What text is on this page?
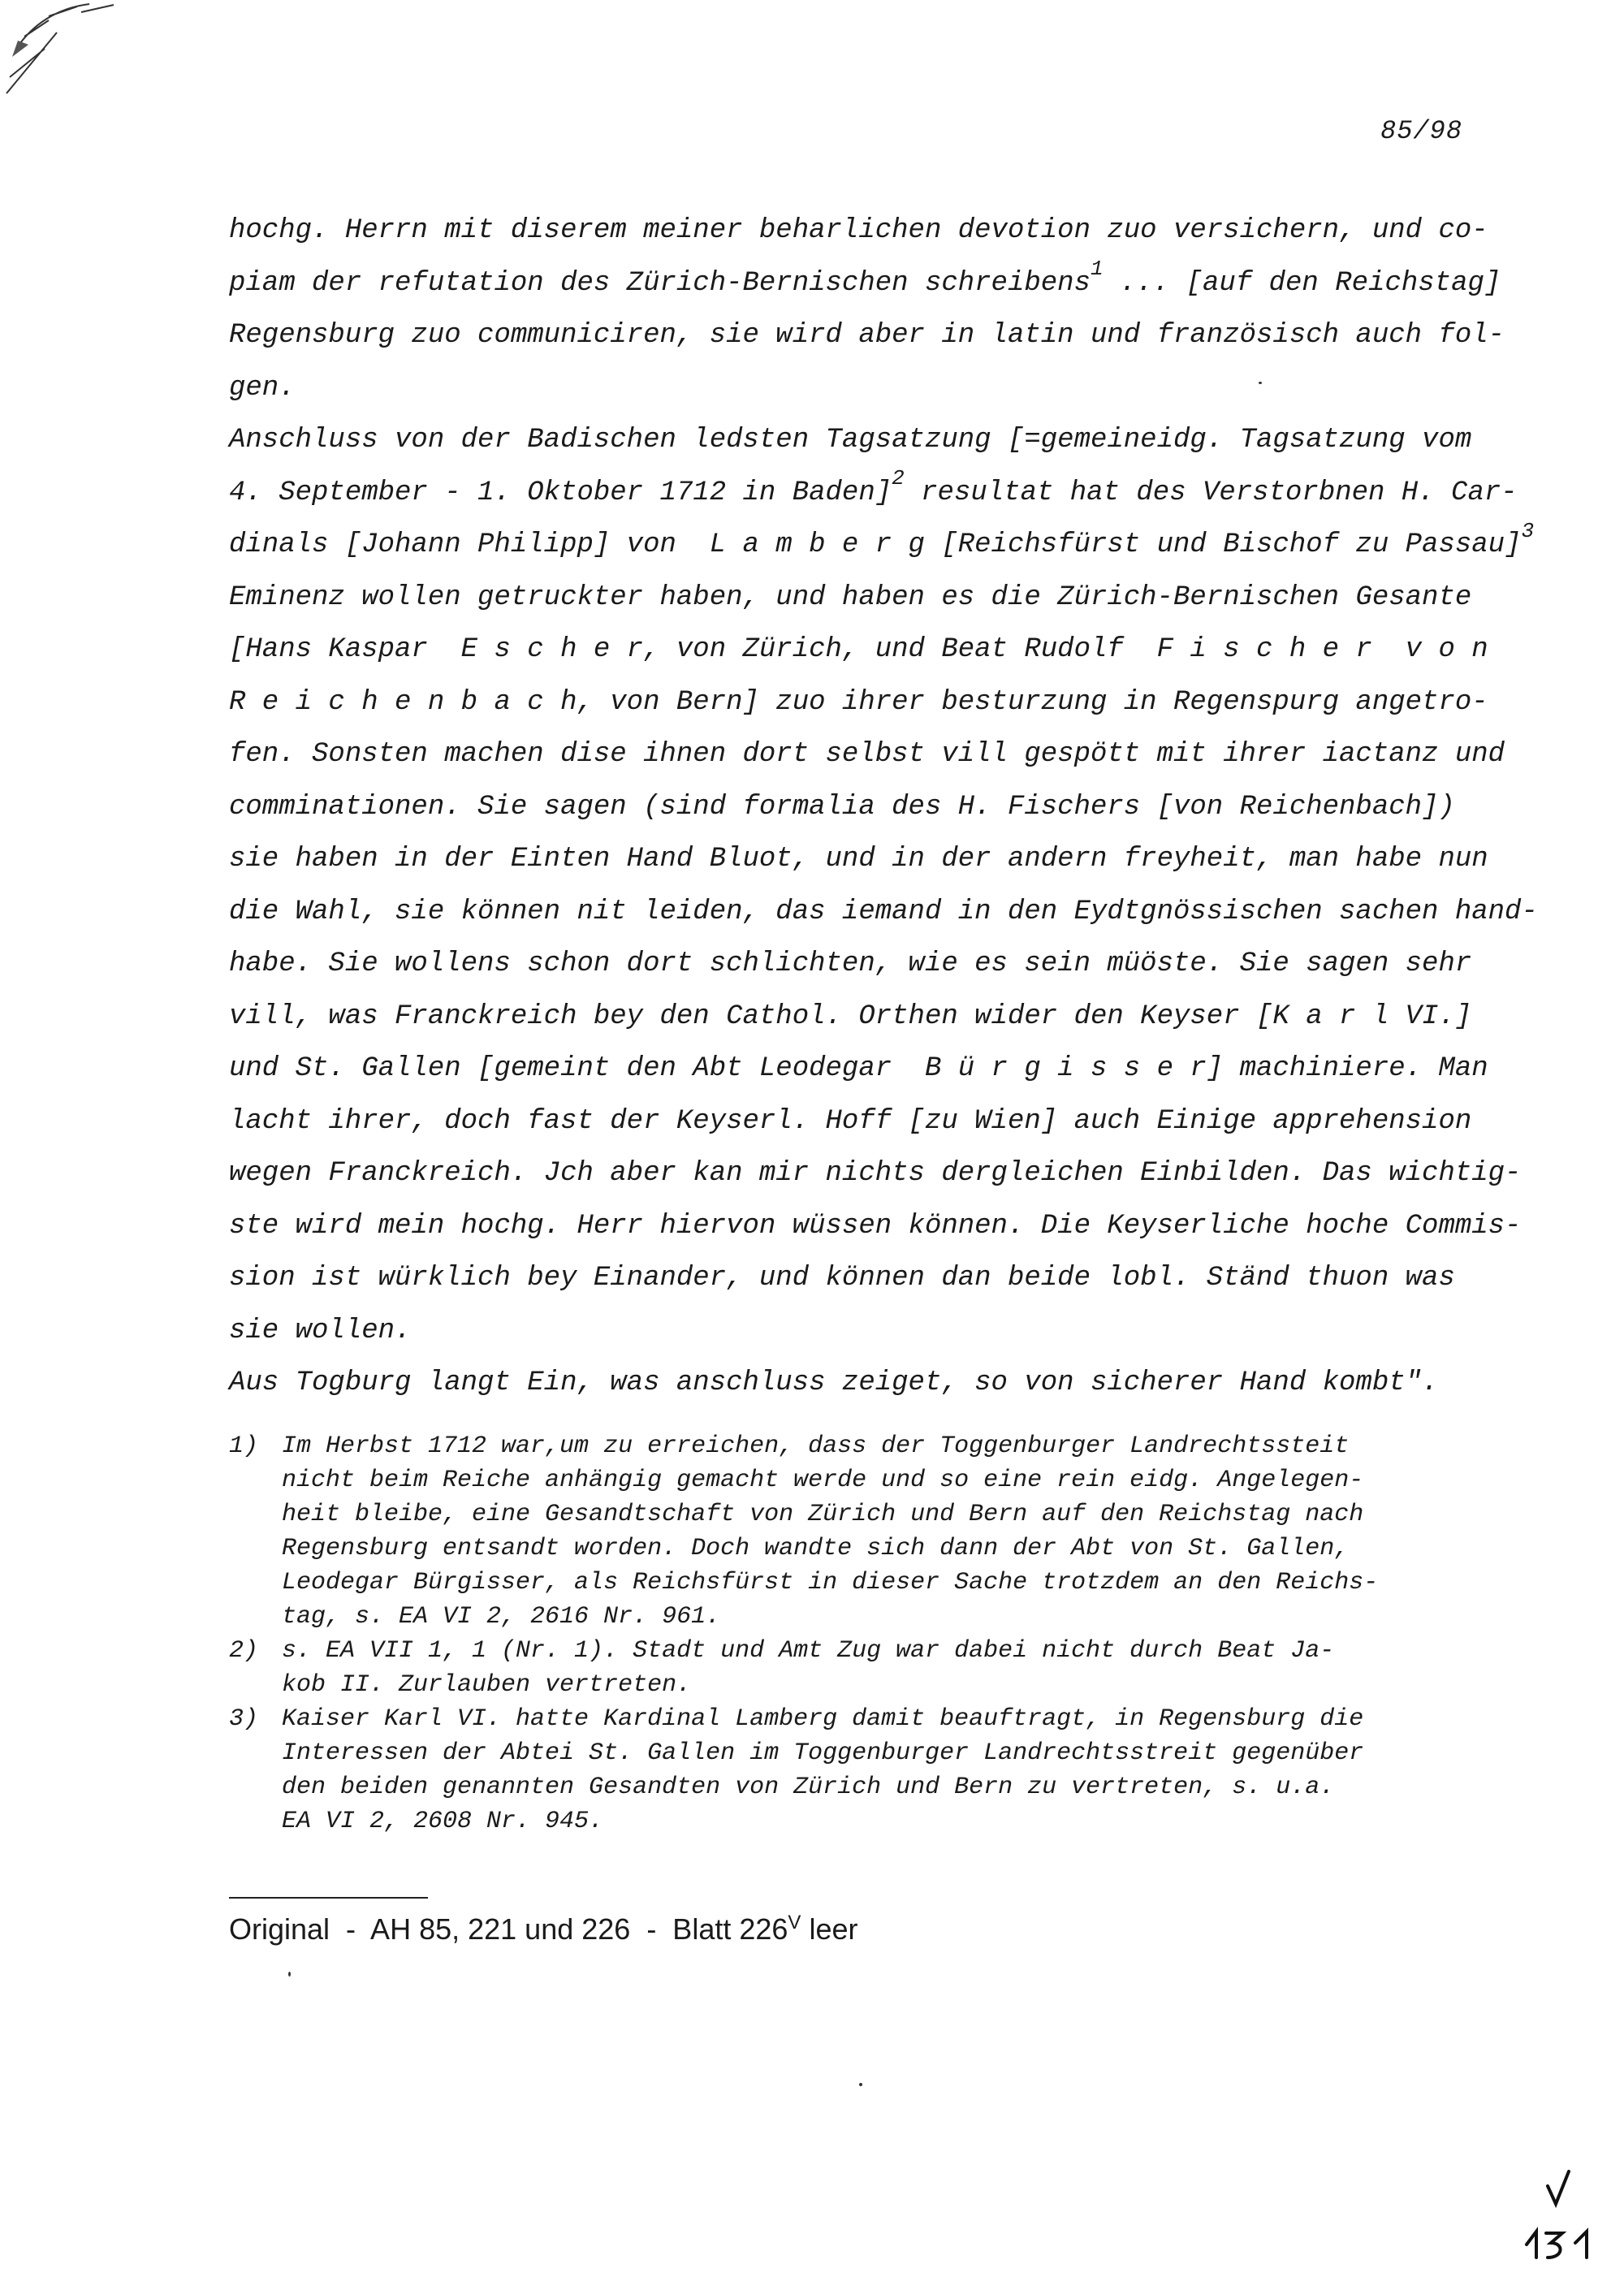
85/98
hochg. Herrn mit diserem meiner beharlichen devotion zuo versichern, und co-
piam der refutation des Zürich-Bernischen schreibens$^1$ ... [auf den Reichstag]
Regensburg zuo communiciren, sie wird aber in latin und französisch auch fol-
gen.
Anschluss von der Badischen ledsten Tagsatzung [=gemeineidg. Tagsatzung vom
4. September - 1. Oktober 1712 in Baden]$^2$ resultat hat des Verstorbnen H. Car-
dinals [Johann Philipp] von  L a m b e r g [Reichsfürst und Bischof zu Passau]$^3$
Eminenz wollen getruckter haben, und haben es die Zürich-Bernischen Gesante
[Hans Kaspar  E s c h e r, von Zürich, und Beat Rudolf  F i s c h e r  v o n
R e i c h e n b a c h, von Bern] zuo ihrer besturzung in Regenspurg angetro-
fen. Sonsten machen dise ihnen dort selbst vill gespött mit ihrer iactanz und
comminationen. Sie sagen (sind formalia des H. Fischers [von Reichenbach])
sie haben in der Einten Hand Bluot, und in der andern freyheit, man habe nun
die Wahl, sie können nit leiden, das iemand in den Eydtgnössischen sachen hand-
habe. Sie wollens schon dort schlichten, wie es sein müöste. Sie sagen sehr
vill, was Franckreich bey den Cathol. Orthen wider den Keyser [K a r l VI.]
und St. Gallen [gemeint den Abt Leodegar  B ü r g i s s e r] machiniere. Man
lacht ihrer, doch fast der Keyserl. Hoff [zu Wien] auch Einige apprehension
wegen Franckreich. Jch aber kan mir nichts dergleichen Einbilden. Das wichtig-
ste wird mein hochg. Herr hiervon wüssen können. Die Keyserliche hoche Commis-
sion ist würklich bey Einander, und können dan beide lobl. Ständ thuon was
sie wollen.
Aus Togburg langt Ein, was anschluss zeiget, so von sicherer Hand kombt".
1) Im Herbst 1712 war,um zu erreichen, dass der Toggenburger Landrechtssteit
nicht beim Reiche anhängig gemacht werde und so eine rein eidg. Angelegen-
heit bleibe, eine Gesandtschaft von Zürich und Bern auf den Reichstag nach
Regensburg entsandt worden. Doch wandte sich dann der Abt von St. Gallen,
Leodegar Bürgisser, als Reichsfürst in dieser Sache trotzdem an den Reichs-
tag, s. EA VI 2, 2616 Nr. 961.
2) s. EA VII 1, 1 (Nr. 1). Stadt und Amt Zug war dabei nicht durch Beat Ja-
kob II. Zurlauben vertreten.
3) Kaiser Karl VI. hatte Kardinal Lamberg damit beauftragt, in Regensburg die
Interessen der Abtei St. Gallen im Toggenburger Landrechtsstreit gegenüber
den beiden genannten Gesandten von Zürich und Bern zu vertreten, s. u.a.
EA VI 2, 2608 Nr. 945.
Original  -  AH 85, 221 und 226  -  Blatt $226^V$ leer
